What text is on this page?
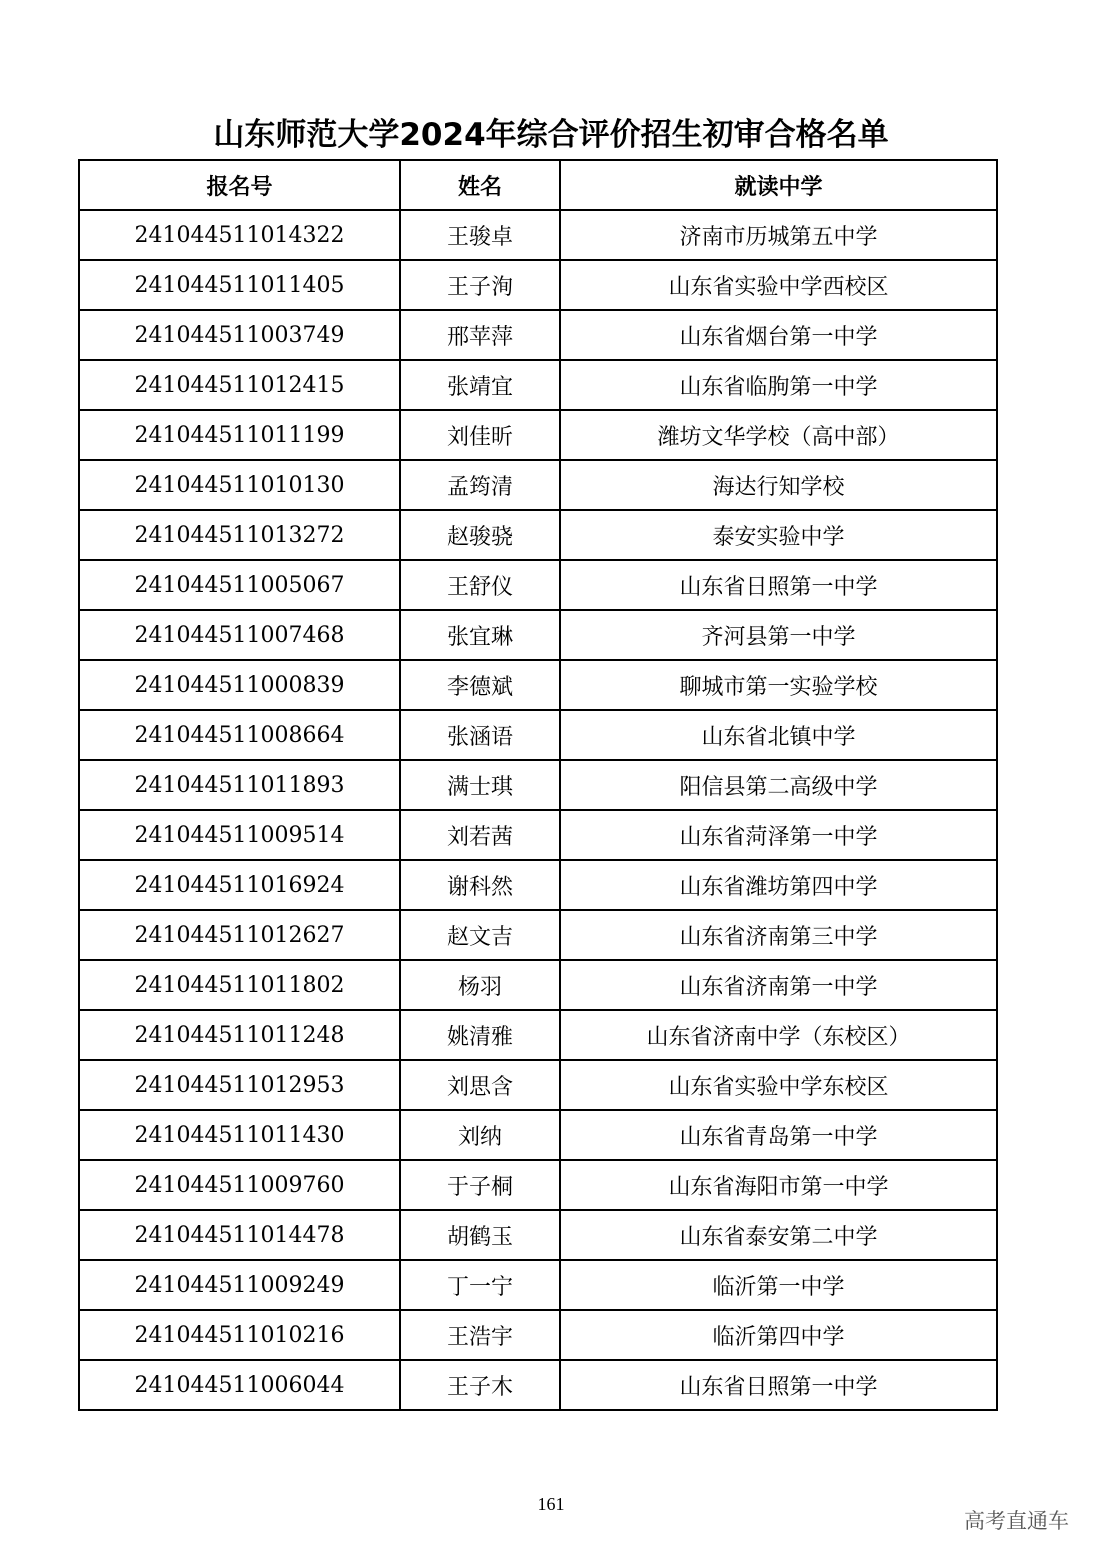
山东师范大学2024年综合评价招生初审合格名单
报名号	姓名	就读中学
241044511014322	王骏卓	济南市历城第五中学
241044511011405	王子洵	山东省实验中学西校区
241044511003749	邢苹萍	山东省烟台第一中学
241044511012415	张靖宜	山东省临朐第一中学
241044511011199	刘佳昕	潍坊文华学校（高中部）
241044511010130	孟筠清	海达行知学校
241044511013272	赵骏骁	泰安实验中学
241044511005067	王舒仪	山东省日照第一中学
241044511007468	张宜琳	齐河县第一中学
241044511000839	李德斌	聊城市第一实验学校
241044511008664	张涵语	山东省北镇中学
241044511011893	满士琪	阳信县第二高级中学
241044511009514	刘若茜	山东省菏泽第一中学
241044511016924	谢科然	山东省潍坊第四中学
241044511012627	赵文吉	山东省济南第三中学
241044511011802	杨羽	山东省济南第一中学
241044511011248	姚清雅	山东省济南中学（东校区）
241044511012953	刘思含	山东省实验中学东校区
241044511011430	刘纳	山东省青岛第一中学
241044511009760	于子桐	山东省海阳市第一中学
241044511014478	胡鹤玉	山东省泰安第二中学
241044511009249	丁一宁	临沂第一中学
241044511010216	王浩宇	临沂第四中学
241044511006044	王子木	山东省日照第一中学
161
高考直通车
